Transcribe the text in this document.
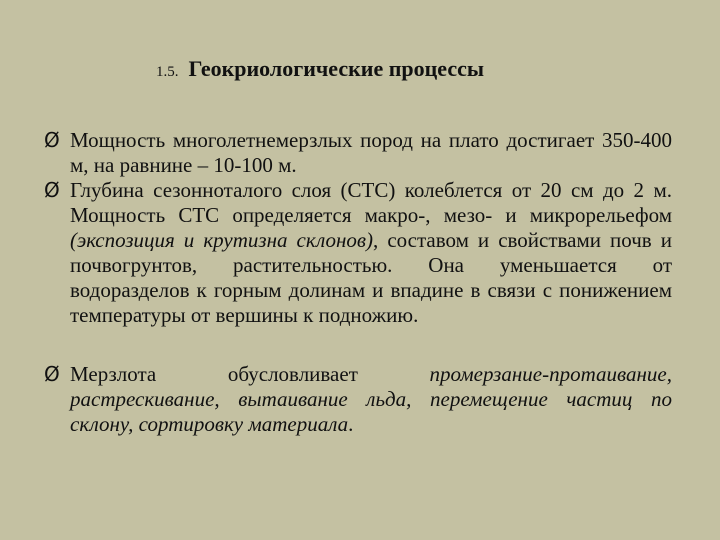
1.5. Геокриологические процессы
Ø Мощность многолетнемерзлых пород на плато достигает 350-400 м, на равнине – 10-100 м.
Ø Глубина сезонноталого слоя (СТС) колеблется от 20 см до 2 м. Мощность СТС определяется макро-, мезо- и микрорельефом (экспозиция и крутизна склонов), составом и свойствами почв и почвогрунтов, растительностью. Она уменьшается от водоразделов к горным долинам и впадине в связи с понижением температуры от вершины к подножию.
Ø Мерзлота обусловливает промерзание-протаивание, растрескивание, вытаивание льда, перемещение частиц по склону, сортировку материала.
